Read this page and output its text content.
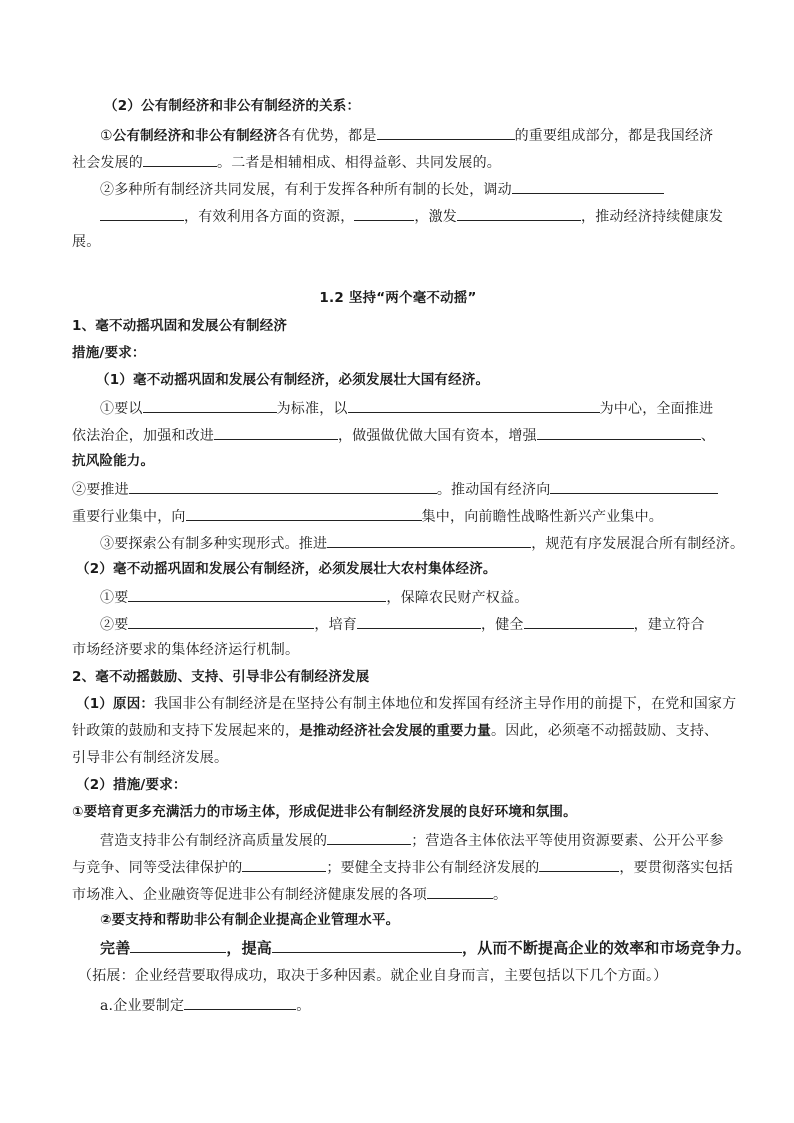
（2）公有制经济和非公有制经济的关系：
①公有制经济和非公有制经济各有优势，都是	的重要组成部分，都是我国经济
社会发展的	。二者是相辅相成、相得益彰、共同发展的。
②多种所有制经济共同发展，有利于发挥各种所有制的长处，调动
，有效利用各方面的资源，	，激发	，推动经济持续健康发
展。
1.2 坚持“两个毫不动摇”
1、毫不动摇巩固和发展公有制经济
措施/要求：
（1）毫不动摇巩固和发展公有制经济，必须发展壮大国有经济。
①要以	为标准，以	为中心，全面推进
依法治企，加强和改进	，做强做优做大国有资本，增强	、
抗风险能力。
②要推进	。推动国有经济向
重要行业集中，向	集中，向前瞻性战略性新兴产业集中。
③要探索公有制多种实现形式。推进	，规范有序发展混合所有制经济。
（2）毫不动摇巩固和发展公有制经济，必须发展壮大农村集体经济。
①要	，保障农民财产权益。
②要	，培育	，健全	，建立符合
市场经济要求的集体经济运行机制。
2、毫不动摇鼓励、支持、引导非公有制经济发展
（1）原因：我国非公有制经济是在坚持公有制主体地位和发挥国有经济主导作用的前提下，在党和国家方
针政策的鼓励和支持下发展起来的，是推动经济社会发展的重要力量。因此，必须毫不动摇鼓励、支持、
引导非公有制经济发展。
（2）措施/要求：
①要培育更多充满活力的市场主体，形成促进非公有制经济发展的良好环境和氛围。
营造支持非公有制经济高质量发展的	；营造各主体依法平等使用资源要素、公开公平参
与竞争、同等受法律保护的	；要健全支持非公有制经济发展的	，要贯彻落实包括
市场准入、企业融资等促进非公有制经济健康发展的各项	。
②要支持和帮助非公有制企业提高企业管理水平。
完善	，提高	，从而不断提高企业的效率和市场竞争力。
（拓展：企业经营要取得成功，取决于多种因素。就企业自身而言，主要包括以下几个方面。）
a.企业要制定	。
